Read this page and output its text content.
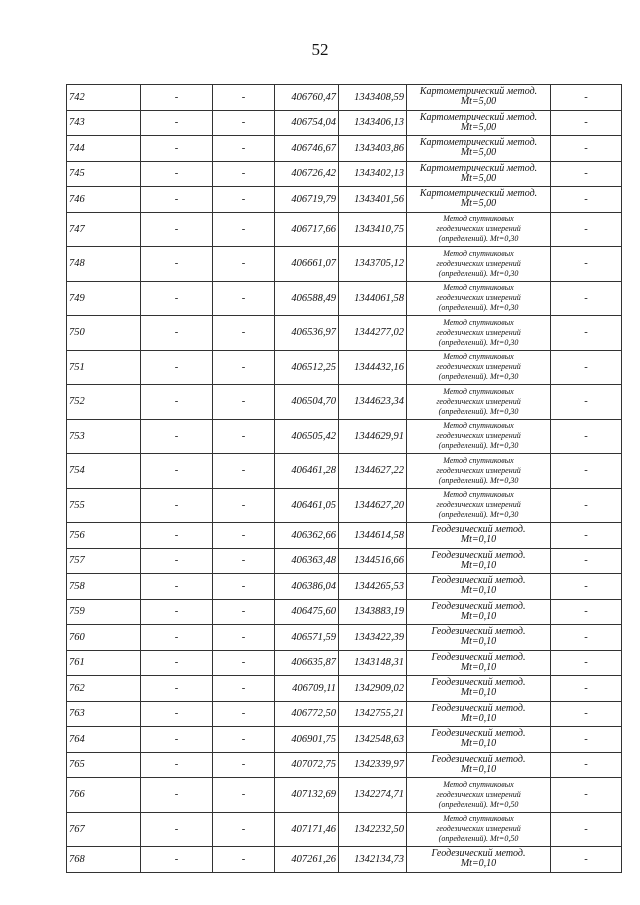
52
742	-	-	406760,47	1343408,59	Картометрический метод.
Mt=5,00	-
743	-	-	406754,04	1343406,13	Картометрический метод.
Mt=5,00	-
744	-	-	406746,67	1343403,86	Картометрический метод.
Mt=5,00	-
745	-	-	406726,42	1343402,13	Картометрический метод.
Mt=5,00	-
746	-	-	406719,79	1343401,56	Картометрический метод.
Mt=5,00	-
747	-	-	406717,66	1343410,75	Метод спутниковых
геодезических измерений
(определений). Mt=0,30	-
748	-	-	406661,07	1343705,12	Метод спутниковых
геодезических измерений
(определений). Mt=0,30	-
749	-	-	406588,49	1344061,58	Метод спутниковых
геодезических измерений
(определений). Mt=0,30	-
750	-	-	406536,97	1344277,02	Метод спутниковых
геодезических измерений
(определений). Mt=0,30	-
751	-	-	406512,25	1344432,16	Метод спутниковых
геодезических измерений
(определений). Mt=0,30	-
752	-	-	406504,70	1344623,34	Метод спутниковых
геодезических измерений
(определений). Mt=0,30	-
753	-	-	406505,42	1344629,91	Метод спутниковых
геодезических измерений
(определений). Mt=0,30	-
754	-	-	406461,28	1344627,22	Метод спутниковых
геодезических измерений
(определений). Mt=0,30	-
755	-	-	406461,05	1344627,20	Метод спутниковых
геодезических измерений
(определений). Mt=0,30	-
756	-	-	406362,66	1344614,58	Геодезический метод.
Mt=0,10	-
757	-	-	406363,48	1344516,66	Геодезический метод.
Mt=0,10	-
758	-	-	406386,04	1344265,53	Геодезический метод.
Mt=0,10	-
759	-	-	406475,60	1343883,19	Геодезический метод.
Mt=0,10	-
760	-	-	406571,59	1343422,39	Геодезический метод.
Mt=0,10	-
761	-	-	406635,87	1343148,31	Геодезический метод.
Mt=0,10	-
762	-	-	406709,11	1342909,02	Геодезический метод.
Mt=0,10	-
763	-	-	406772,50	1342755,21	Геодезический метод.
Mt=0,10	-
764	-	-	406901,75	1342548,63	Геодезический метод.
Mt=0,10	-
765	-	-	407072,75	1342339,97	Геодезический метод.
Mt=0,10	-
766	-	-	407132,69	1342274,71	Метод спутниковых
геодезических измерений
(определений). Mt=0,50	-
767	-	-	407171,46	1342232,50	Метод спутниковых
геодезических измерений
(определений). Mt=0,50	-
768	-	-	407261,26	1342134,73	Геодезический метод.
Mt=0,10	-
